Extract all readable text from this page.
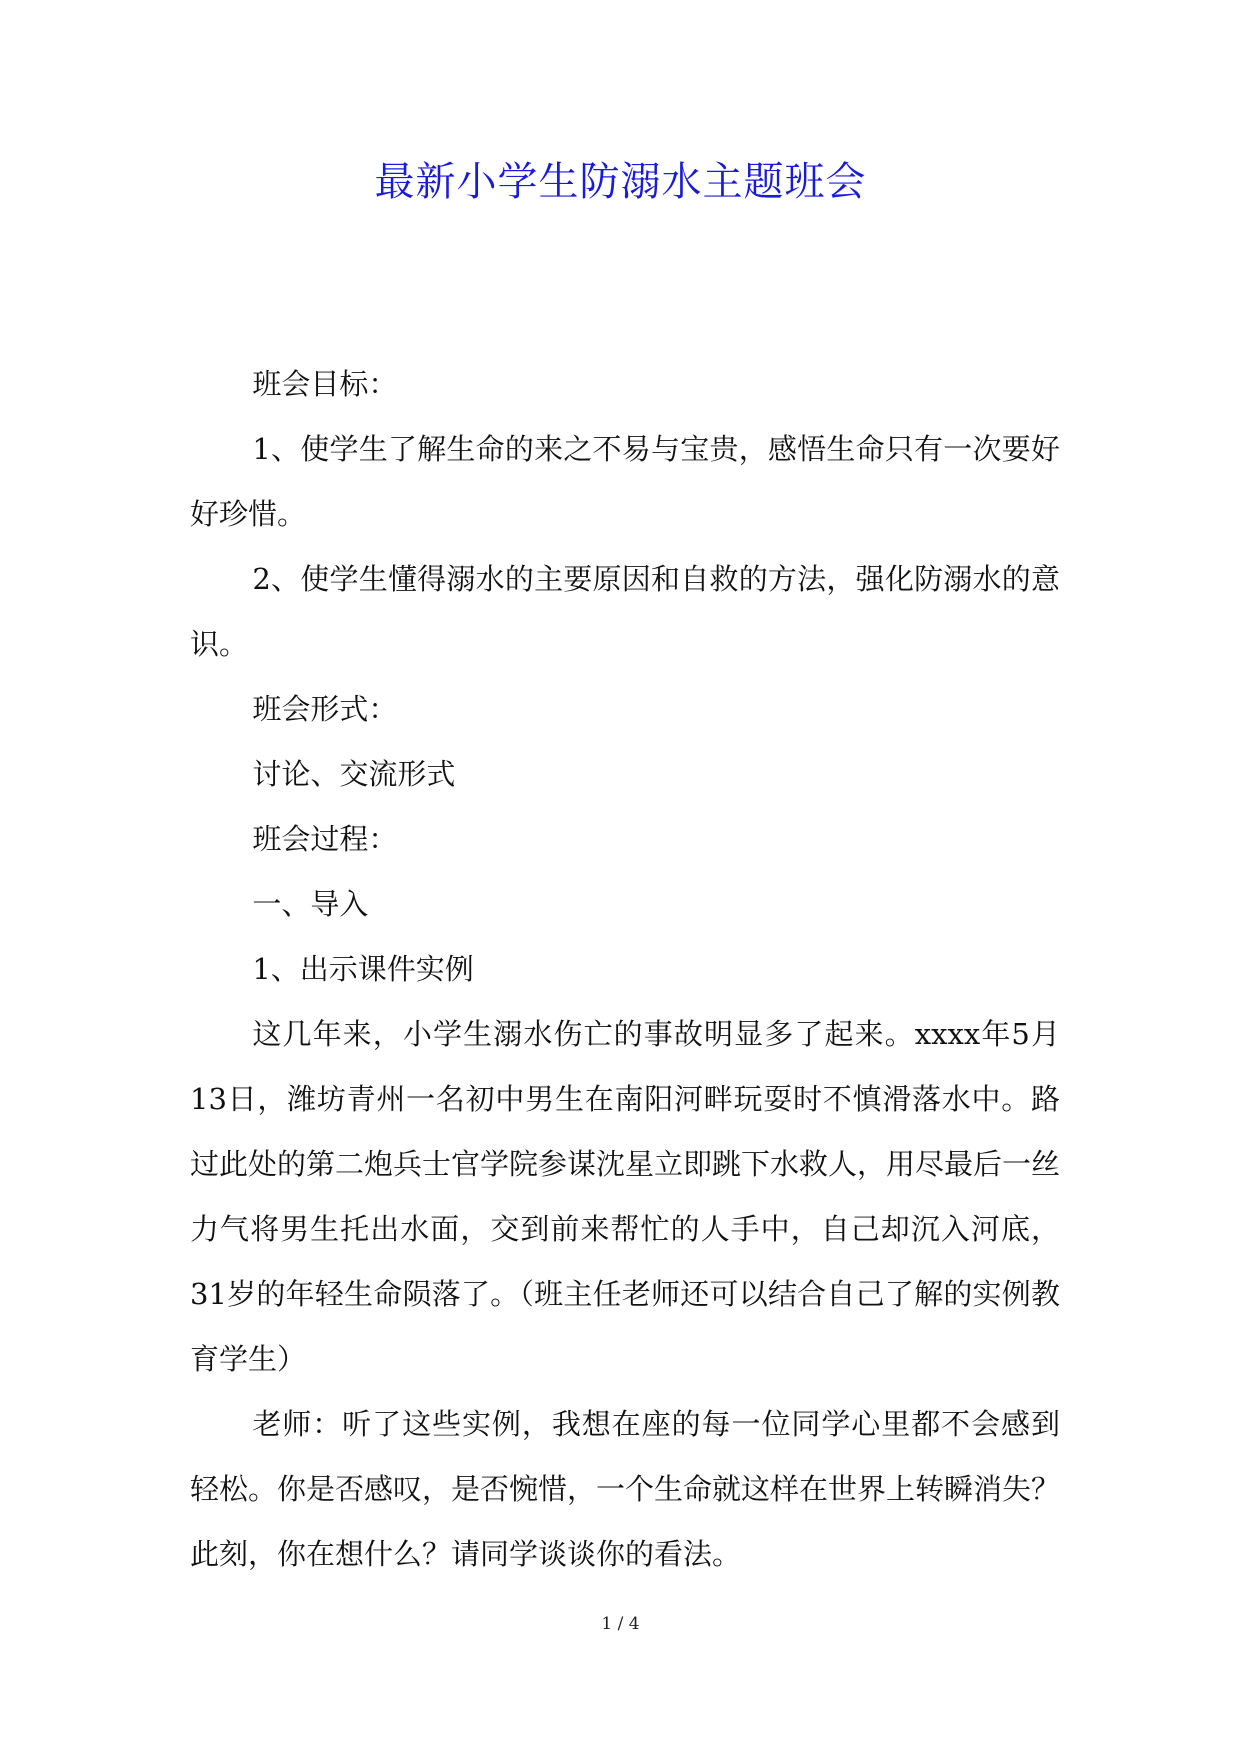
最新小学生防溺水主题班会

班会目标：

1、使学生了解生命的来之不易与宝贵，感悟生命只有一次要好好珍惜。

2、使学生懂得溺水的主要原因和自救的方法，强化防溺水的意识。

班会形式：

讨论、交流形式

班会过程：

一、导入

1、出示课件实例

这几年来，小学生溺水伤亡的事故明显多了起来。xxxx年5月13日，潍坊青州一名初中男生在南阳河畔玩耍时不慎滑落水中。路过此处的第二炮兵士官学院参谋沈星立即跳下水救人，用尽最后一丝力气将男生托出水面，交到前来帮忙的人手中，自己却沉入河底，31岁的年轻生命陨落了。（班主任老师还可以结合自己了解的实例教育学生）

老师：听了这些实例，我想在座的每一位同学心里都不会感到轻松。你是否感叹，是否惋惜，一个生命就这样在世界上转瞬消失？此刻，你在想什么？请同学谈谈你的看法。

1 / 4
